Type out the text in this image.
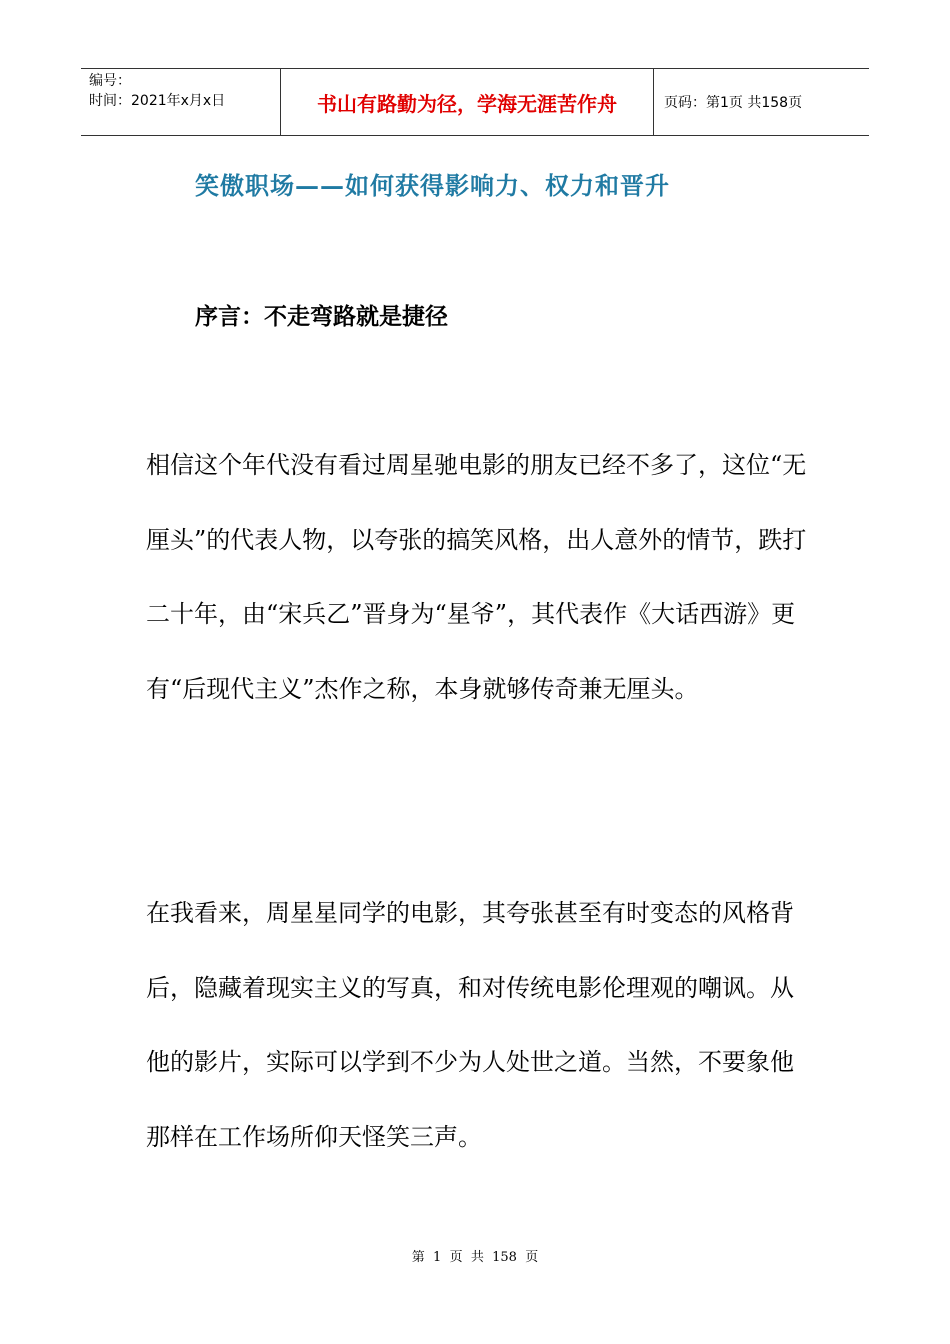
编号：
时间：2021年x月x日	书山有路勤为径，学海无涯苦作舟	页码：第1页 共158页
笑傲职场——如何获得影响力、权力和晋升
序言：不走弯路就是捷径

相信这个年代没有看过周星驰电影的朋友已经不多了，这位“无厘头”的代表人物，以夸张的搞笑风格，出人意外的情节，跌打二十年，由“宋兵乙”晋身为“星爷”，其代表作《大话西游》更有“后现代主义”杰作之称，本身就够传奇兼无厘头。

在我看来，周星星同学的电影，其夸张甚至有时变态的风格背后，隐藏着现实主义的写真，和对传统电影伦理观的嘲讽。从他的影片，实际可以学到不少为人处世之道。当然，不要象他那样在工作场所仰天怪笑三声。

第  1  页  共  158  页
